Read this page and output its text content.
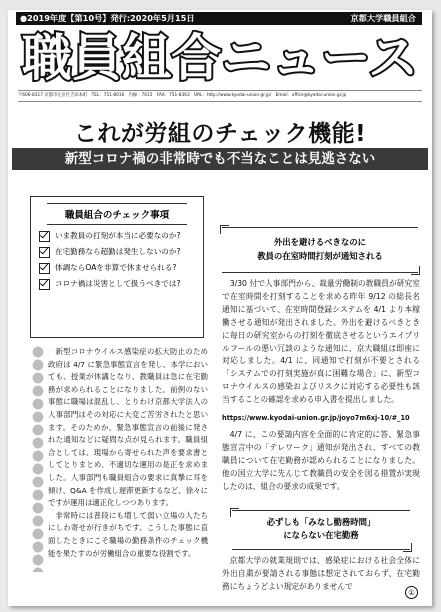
●2019年度【第10号】発行:2020年5月15日	京都大学職員組合
職員組合ニュース
〒606-8317 京都市左京区吉田本町　TEL：751-8016　内線：7615　FAX：751-8363　URL：http://www.kyodai-union.gr.jp/　Email：office@kyodai-union.gr.jp
これが労組のチェック機能!
新型コロナ禍の非常時でも不当なことは見逃さない
職員組合のチェック事項
いま教員の打刻が本当に必要なのか?
在宅勤務なら超勤は発生しないのか?
体調ならOAを非算で休ませられる?
コロナ禍は災害として扱うべきでは?

新型コロナウイルス感染症の拡大防止のため政府は 4/7 に緊急事態宣言を発し、本学においても、授業が休講となり、教職員は急に在宅勤務が求められることになりました。前例のない事態に職場は混乱し、とりわけ京都大学法人の人事部門はその対応に大変ご苦労されたと思います。そのためか、緊急事態宣言の前後に発された通知などに疑問な点が見られます。職員組合としては、現場から寄せられた声を要求書としてとりまとめ、不適切な運用の是正を求めました。人事部門も職員組合の要求に真摯に耳を傾け、Q&A を作成し遅滞更新するなど、徐々にですが運用は適正化しつつあります。

非常時には普段にも増して弱い立場の人たちにしわ寄せが行きがちです。こうした事態に直面したときにこそ職場の勤務条件のチェック機能を果たすのが労働組合の重要な役割です。

外出を避けるべきなのに
教員の在室時間打刻が通知される

3/30 付で人事部門から、裁量労働制の教職員が研究室で在室時間を打刻することを求める昨年 9/12 の総長名通知に基づいて、在室時間登録システムを 4/1 より本稼働させる通知が発出されました。外出を避けるべきときに毎日の研究室からの打刻を徹底させるというエイプリルフールの悪い冗談のような通知に、京大職組は即座に対応しました。4/1 に、同通知で打刻が不要とされる「システムでの打刻実施が真に困難な場合」に、新型コロナウイルスの感染およびリスクに対応する必要性も該当することの確認を求める申入書を提出しました。

https://www.kyodai-union.gr.jp/joyo7m6xj-10/#_10

4/7 に、この要請内容を全面的に肯定的に答、緊急事態宣言中の「テレワーク」通知が発出され、すべての教職員について在宅勤務が認められることになりました。他の国立大学に先んじて教職員の安全を図る措置が実現したのは、組合の要求の成果です。

必ずしも「みなし勤務時間」
にならない在宅勤務

京都大学の就業規則では、感染症における社会全体に外出自粛が要請される事態は想定されておらず、在宅勤務にちょうどよい規定がありませんで

①
